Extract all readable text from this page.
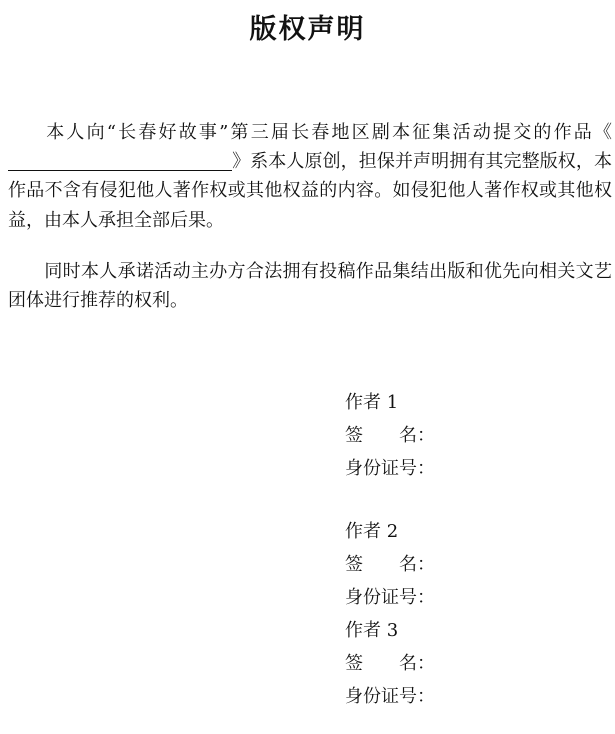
版权声明
本人向“长春好故事”第三届长春地区剧本征集活动提交的作品《》系本人原创，担保并声明拥有其完整版权，本作品不含有侵犯他人著作权或其他权益的内容。如侵犯他人著作权或其他权益，由本人承担全部后果。
同时本人承诺活动主办方合法拥有投稿作品集结出版和优先向相关文艺团体进行推荐的权利。
作者 1
签名：
身份证号：
作者 2
签名：
身份证号：
作者 3
签名：
身份证号：
